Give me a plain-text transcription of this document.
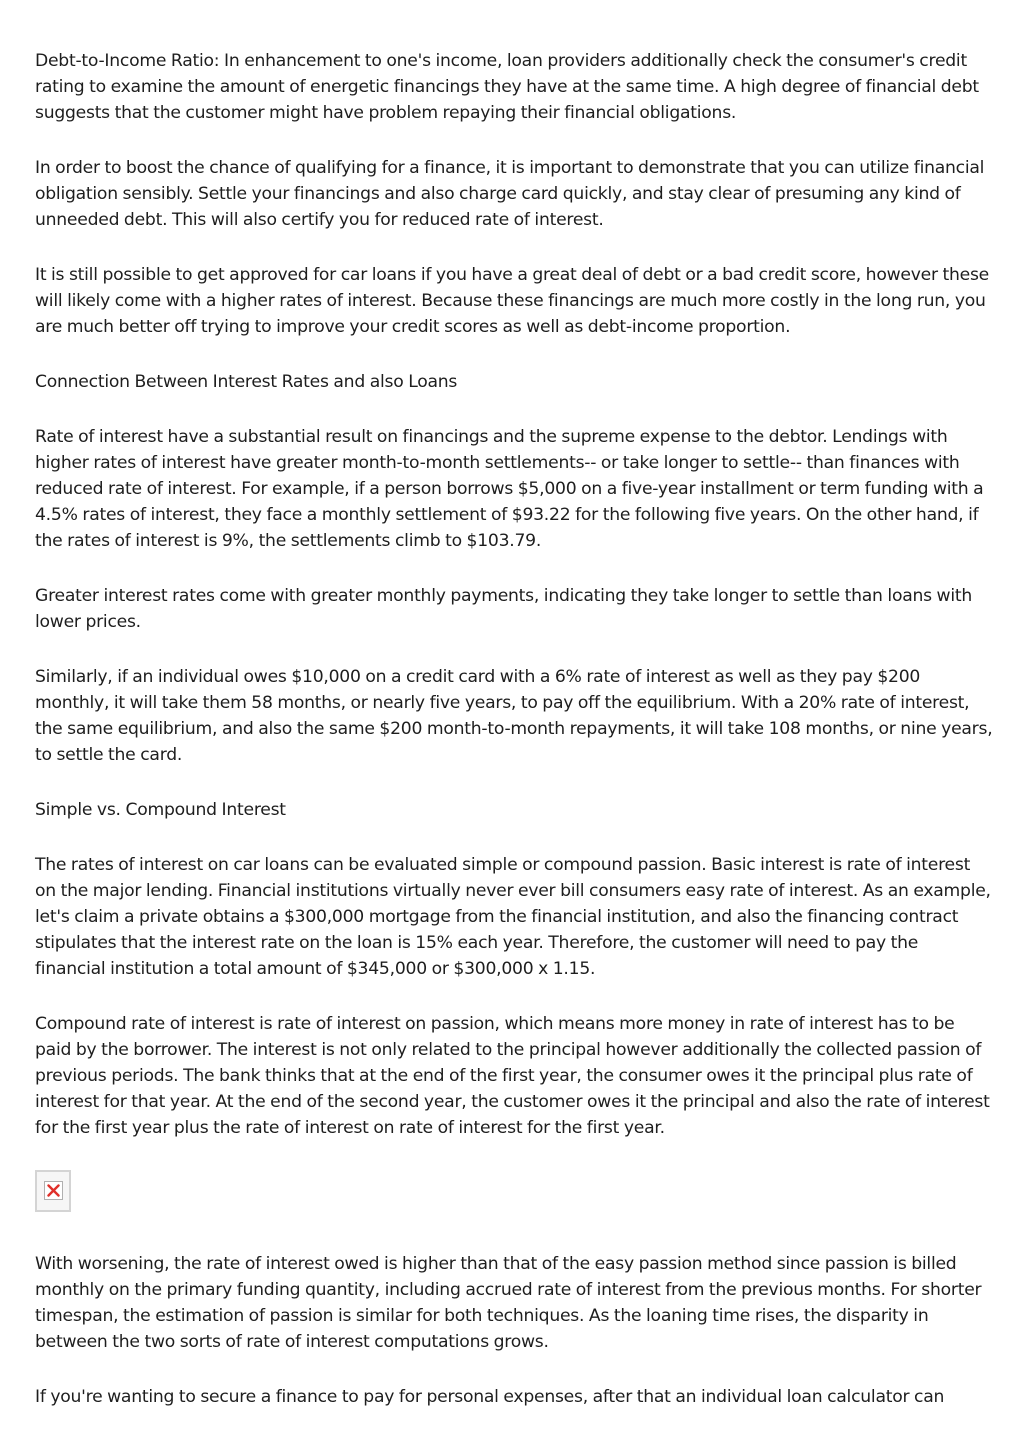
Debt-to-Income Ratio: In enhancement to one's income, loan providers additionally check the consumer's credit rating to examine the amount of energetic financings they have at the same time. A high degree of financial debt suggests that the customer might have problem repaying their financial obligations.

In order to boost the chance of qualifying for a finance, it is important to demonstrate that you can utilize financial obligation sensibly. Settle your financings and also charge card quickly, and stay clear of presuming any kind of unneeded debt. This will also certify you for reduced rate of interest.

It is still possible to get approved for car loans if you have a great deal of debt or a bad credit score, however these will likely come with a higher rates of interest. Because these financings are much more costly in the long run, you are much better off trying to improve your credit scores as well as debt-income proportion.

Connection Between Interest Rates and also Loans

Rate of interest have a substantial result on financings and the supreme expense to the debtor. Lendings with higher rates of interest have greater month-to-month settlements-- or take longer to settle-- than finances with reduced rate of interest. For example, if a person borrows $5,000 on a five-year installment or term funding with a 4.5% rates of interest, they face a monthly settlement of $93.22 for the following five years. On the other hand, if the rates of interest is 9%, the settlements climb to $103.79.

Greater interest rates come with greater monthly payments, indicating they take longer to settle than loans with lower prices.

Similarly, if an individual owes $10,000 on a credit card with a 6% rate of interest as well as they pay $200 monthly, it will take them 58 months, or nearly five years, to pay off the equilibrium. With a 20% rate of interest, the same equilibrium, and also the same $200 month-to-month repayments, it will take 108 months, or nine years, to settle the card.

Simple vs. Compound Interest

The rates of interest on car loans can be evaluated simple or compound passion. Basic interest is rate of interest on the major lending. Financial institutions virtually never ever bill consumers easy rate of interest. As an example, let's claim a private obtains a $300,000 mortgage from the financial institution, and also the financing contract stipulates that the interest rate on the loan is 15% each year. Therefore, the customer will need to pay the financial institution a total amount of $345,000 or $300,000 x 1.15.

Compound rate of interest is rate of interest on passion, which means more money in rate of interest has to be paid by the borrower. The interest is not only related to the principal however additionally the collected passion of previous periods. The bank thinks that at the end of the first year, the consumer owes it the principal plus rate of interest for that year. At the end of the second year, the customer owes it the principal and also the rate of interest for the first year plus the rate of interest on rate of interest for the first year.

With worsening, the rate of interest owed is higher than that of the easy passion method since passion is billed monthly on the primary funding quantity, including accrued rate of interest from the previous months. For shorter timespan, the estimation of passion is similar for both techniques. As the loaning time rises, the disparity in between the two sorts of rate of interest computations grows.

If you're wanting to secure a finance to pay for personal expenses, after that an individual loan calculator can
